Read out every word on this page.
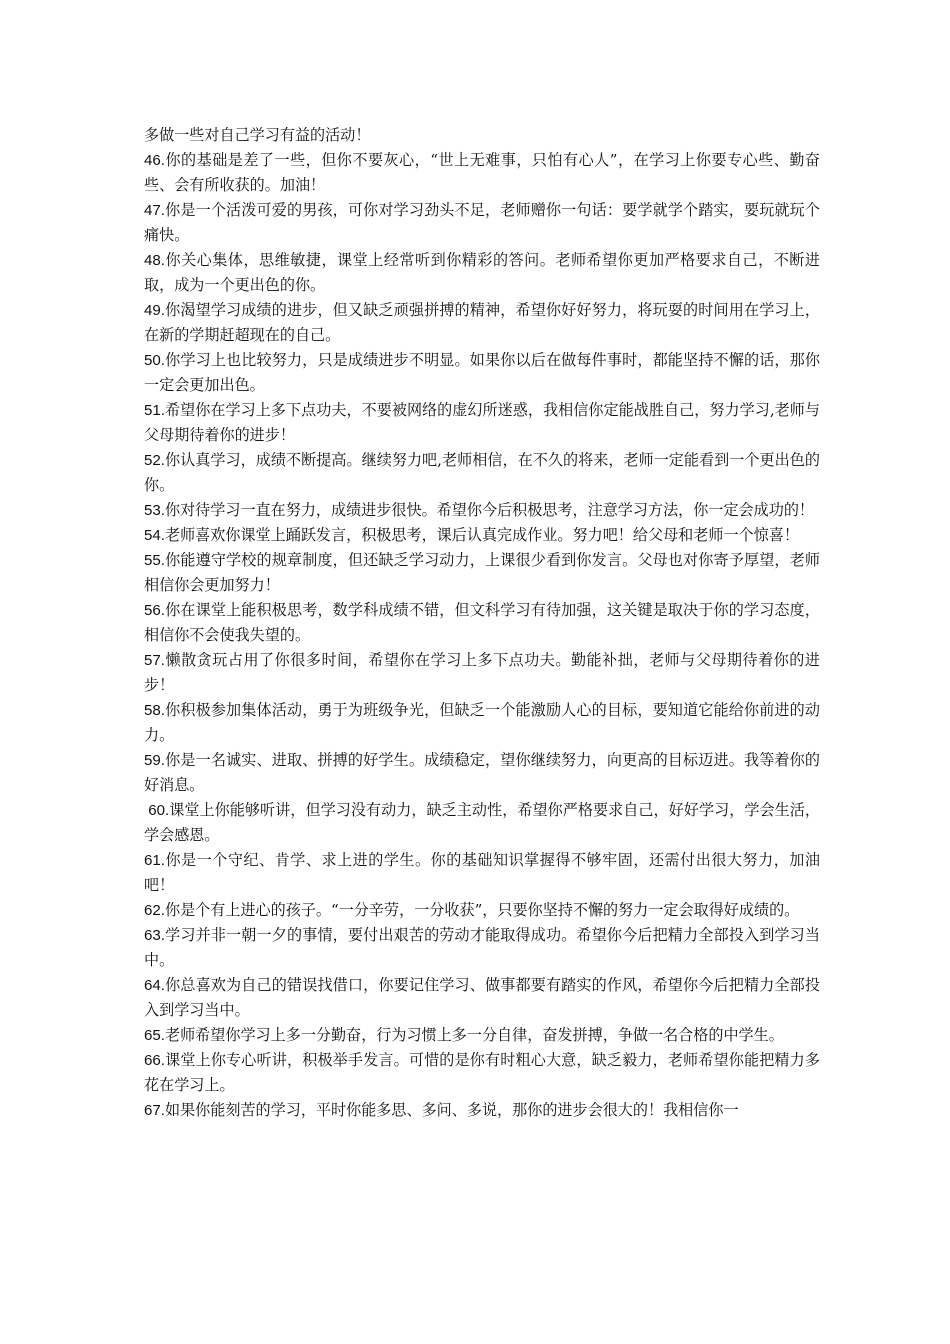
多做一些对自己学习有益的活动！

46.你的基础是差了一些，但你不要灰心，“世上无难事，只怕有心人”，在学习上你要专心些、勤奋些、会有所收获的。加油！

47.你是一个活泼可爱的男孩，可你对学习劲头不足，老师赠你一句话：要学就学个踏实，要玩就玩个痛快。

48.你关心集体，思维敏捷，课堂上经常听到你精彩的答问。老师希望你更加严格要求自己，不断进取，成为一个更出色的你。

49.你渴望学习成绩的进步，但又缺乏顽强拼搏的精神，希望你好好努力，将玩耍的时间用在学习上，在新的学期赶超现在的自己。

50.你学习上也比较努力，只是成绩进步不明显。如果你以后在做每件事时，都能坚持不懈的话，那你一定会更加出色。

51.希望你在学习上多下点功夫，不要被网络的虚幻所迷惑，我相信你定能战胜自己，努力学习,老师与父母期待着你的进步！

52.你认真学习，成绩不断提高。继续努力吧,老师相信，在不久的将来，老师一定能看到一个更出色的你。

53.你对待学习一直在努力，成绩进步很快。希望你今后积极思考，注意学习方法，你一定会成功的！

54.老师喜欢你课堂上踊跃发言，积极思考，课后认真完成作业。努力吧！给父母和老师一个惊喜！

55.你能遵守学校的规章制度，但还缺乏学习动力，上课很少看到你发言。父母也对你寄予厚望，老师相信你会更加努力！

56.你在课堂上能积极思考，数学科成绩不错，但文科学习有待加强，这关键是取决于你的学习态度，相信你不会使我失望的。

57.懒散贪玩占用了你很多时间，希望你在学习上多下点功夫。勤能补拙，老师与父母期待着你的进步！

58.你积极参加集体活动，勇于为班级争光，但缺乏一个能激励人心的目标，要知道它能给你前进的动力。

59.你是一名诚实、进取、拼搏的好学生。成绩稳定，望你继续努力，向更高的目标迈进。我等着你的好消息。

60.课堂上你能够听讲，但学习没有动力，缺乏主动性，希望你严格要求自己，好好学习，学会生活，学会感恩。

61.你是一个守纪、肯学、求上进的学生。你的基础知识掌握得不够牢固，还需付出很大努力，加油吧！

62.你是个有上进心的孩子。“一分辛劳，一分收获”，只要你坚持不懈的努力一定会取得好成绩的。

63.学习并非一朝一夕的事情，要付出艰苦的劳动才能取得成功。希望你今后把精力全部投入到学习当中。

64.你总喜欢为自己的错误找借口，你要记住学习、做事都要有踏实的作风，希望你今后把精力全部投入到学习当中。

65.老师希望你学习上多一分勤奋，行为习惯上多一分自律，奋发拼搏，争做一名合格的中学生。

66.课堂上你专心听讲，积极举手发言。可惜的是你有时粗心大意，缺乏毅力，老师希望你能把精力多花在学习上。

67.如果你能刻苦的学习，平时你能多思、多问、多说，那你的进步会很大的！我相信你一
